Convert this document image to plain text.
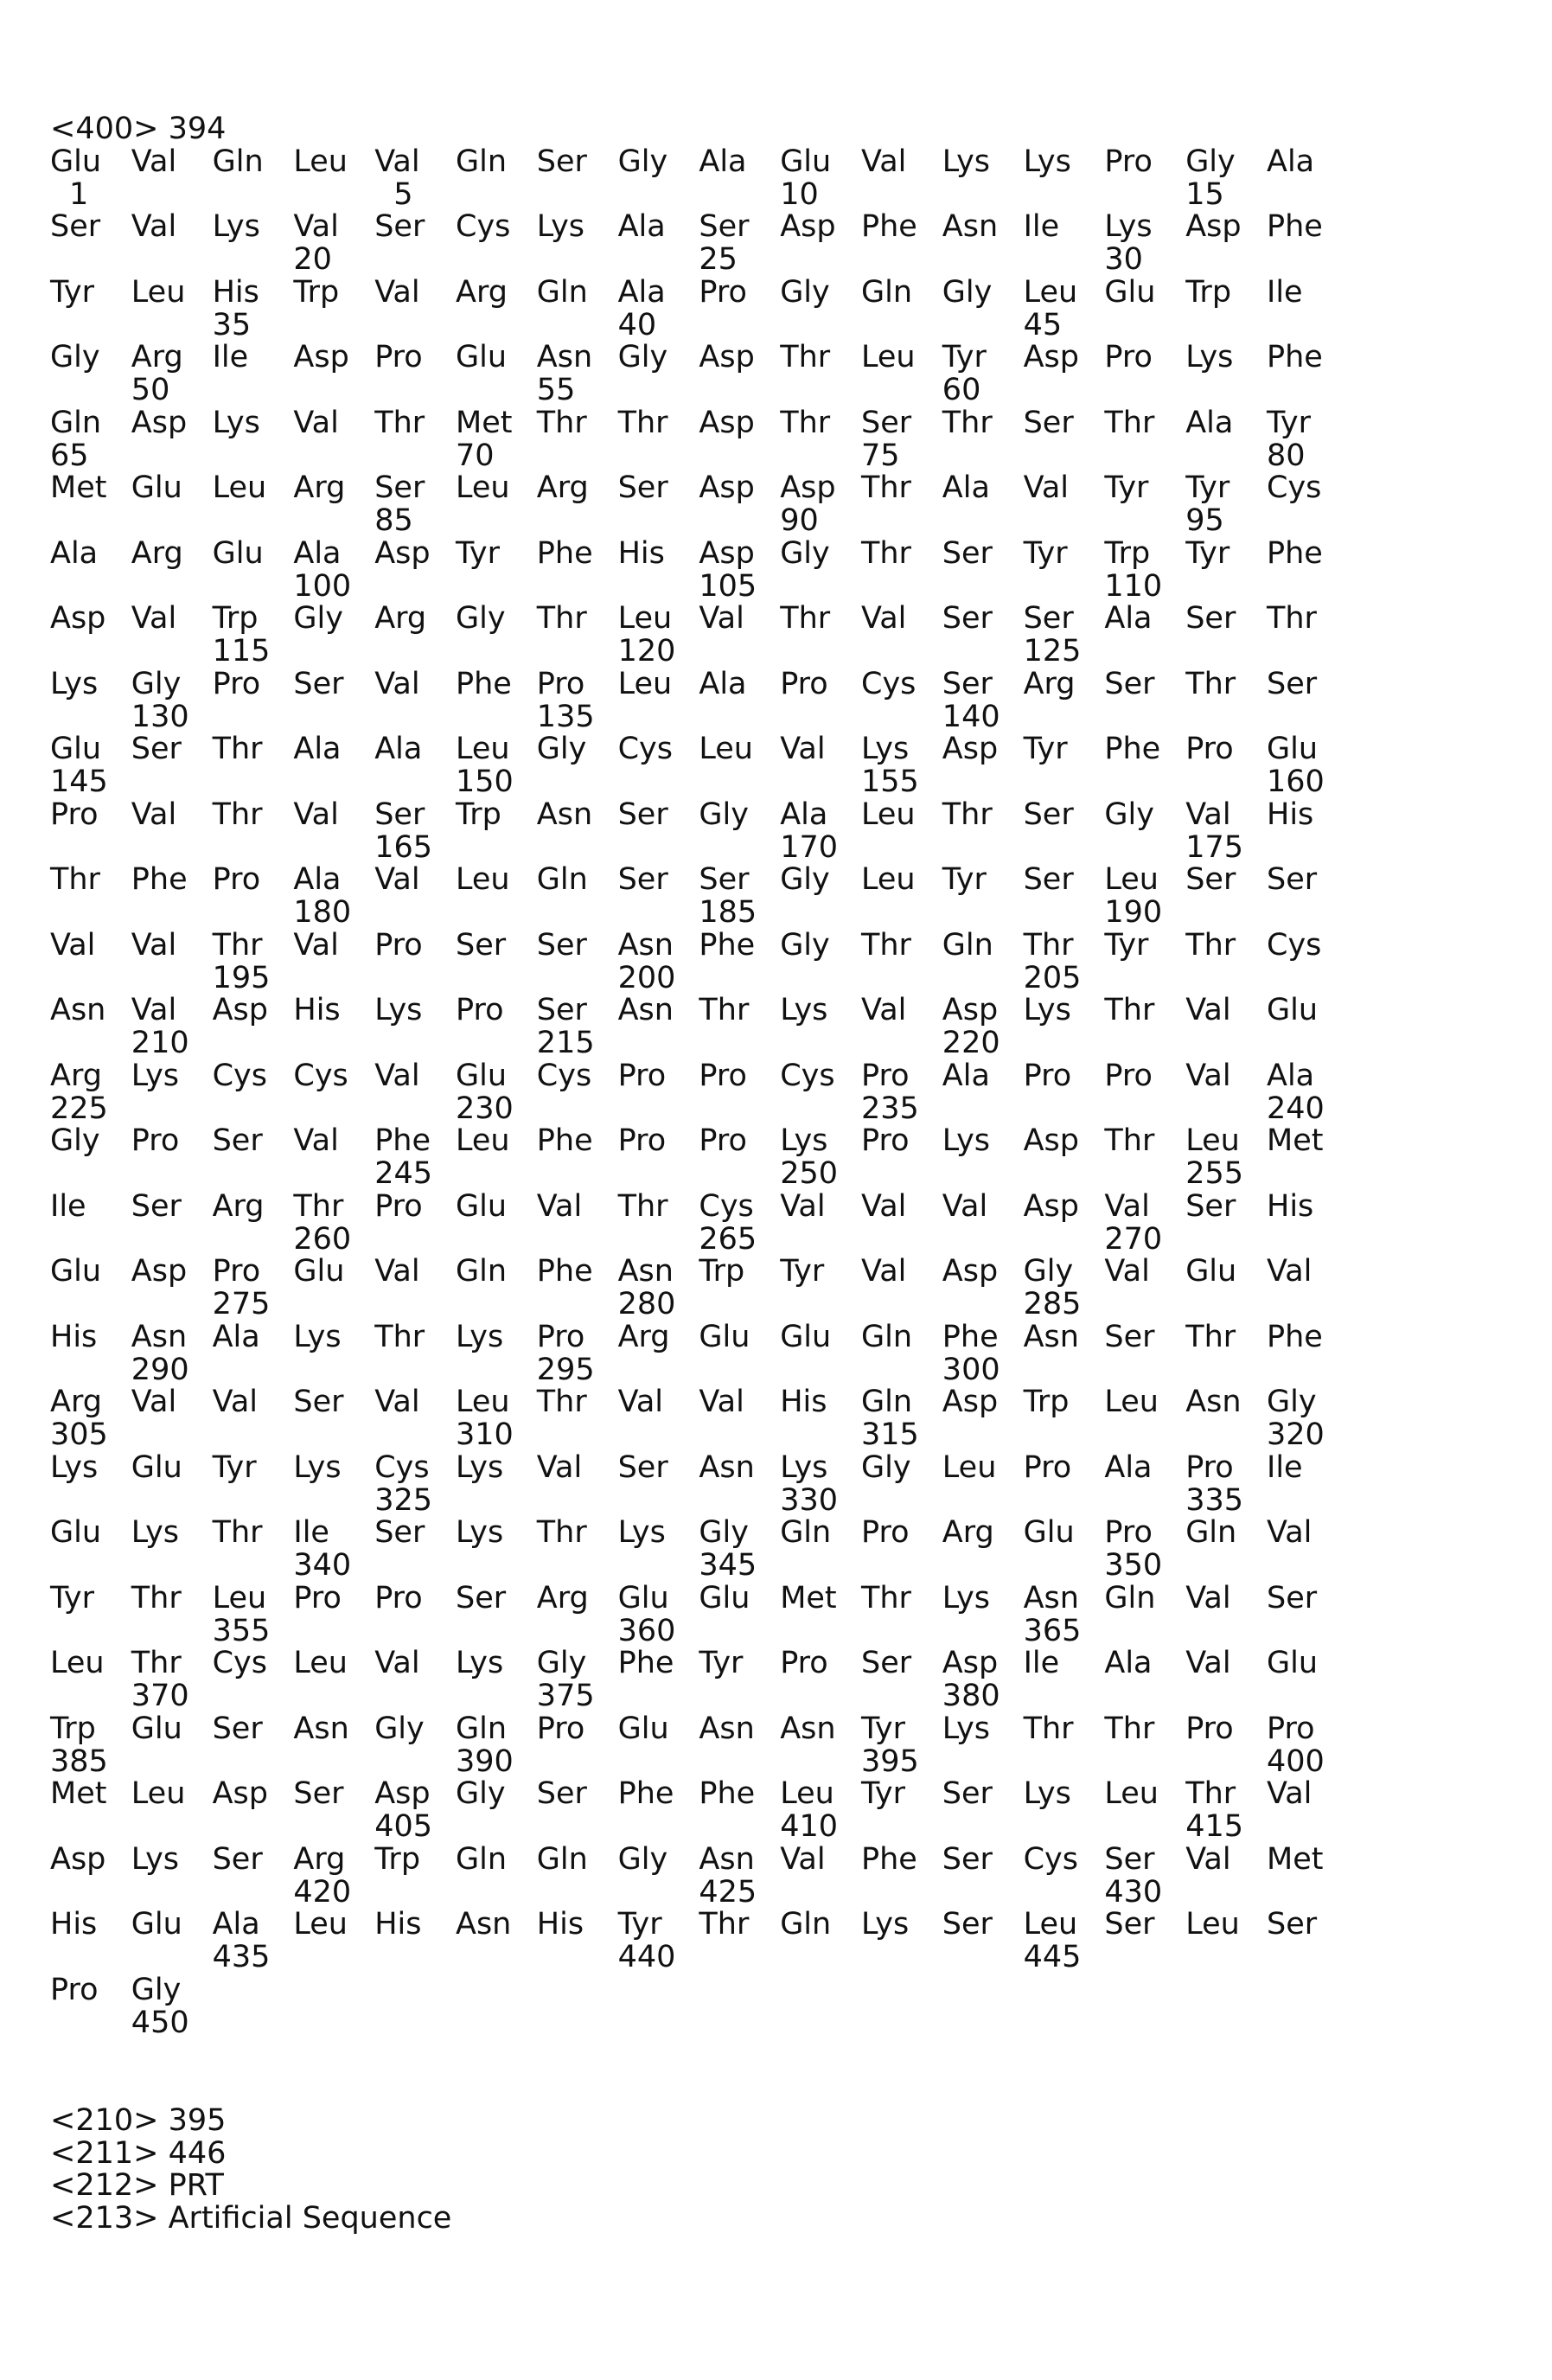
<400> 394
Glu Val Gln Leu Val Gln Ser Gly Ala Glu Val Lys Lys Pro Gly Ala
1	5	10	15
Ser Val Lys Val Ser Cys Lys Ala Ser Asp Phe Asn Ile Lys Asp Phe
20	25	30
Tyr Leu His Trp Val Arg Gln Ala Pro Gly Gln Gly Leu Glu Trp Ile
35	40	45
Gly Arg Ile Asp Pro Glu Asn Gly Asp Thr Leu Tyr Asp Pro Lys Phe
50	55	60
Gln Asp Lys Val Thr Met Thr Thr Asp Thr Ser Thr Ser Thr Ala Tyr
65	70	75	80
Met Glu Leu Arg Ser Leu Arg Ser Asp Asp Thr Ala Val Tyr Tyr Cys
85	90	95
Ala Arg Glu Ala Asp Tyr Phe His Asp Gly Thr Ser Tyr Trp Tyr Phe
100	105	110
Asp Val Trp Gly Arg Gly Thr Leu Val Thr Val Ser Ser Ala Ser Thr
115	120	125
Lys Gly Pro Ser Val Phe Pro Leu Ala Pro Cys Ser Arg Ser Thr Ser
130	135	140
Glu Ser Thr Ala Ala Leu Gly Cys Leu Val Lys Asp Tyr Phe Pro Glu
145	150	155	160
Pro Val Thr Val Ser Trp Asn Ser Gly Ala Leu Thr Ser Gly Val His
165	170	175
Thr Phe Pro Ala Val Leu Gln Ser Ser Gly Leu Tyr Ser Leu Ser Ser
180	185	190
Val Val Thr Val Pro Ser Ser Asn Phe Gly Thr Gln Thr Tyr Thr Cys
195	200	205
Asn Val Asp His Lys Pro Ser Asn Thr Lys Val Asp Lys Thr Val Glu
210	215	220
Arg Lys Cys Cys Val Glu Cys Pro Pro Cys Pro Ala Pro Pro Val Ala
225	230	235	240
Gly Pro Ser Val Phe Leu Phe Pro Pro Lys Pro Lys Asp Thr Leu Met
245	250	255
Ile Ser Arg Thr Pro Glu Val Thr Cys Val Val Val Asp Val Ser His
260	265	270
Glu Asp Pro Glu Val Gln Phe Asn Trp Tyr Val Asp Gly Val Glu Val
275	280	285
His Asn Ala Lys Thr Lys Pro Arg Glu Glu Gln Phe Asn Ser Thr Phe
290	295	300
Arg Val Val Ser Val Leu Thr Val Val His Gln Asp Trp Leu Asn Gly
305	310	315	320
Lys Glu Tyr Lys Cys Lys Val Ser Asn Lys Gly Leu Pro Ala Pro Ile
325	330	335
Glu Lys Thr Ile Ser Lys Thr Lys Gly Gln Pro Arg Glu Pro Gln Val
340	345	350
Tyr Thr Leu Pro Pro Ser Arg Glu Glu Met Thr Lys Asn Gln Val Ser
355	360	365
Leu Thr Cys Leu Val Lys Gly Phe Tyr Pro Ser Asp Ile Ala Val Glu
370	375	380
Trp Glu Ser Asn Gly Gln Pro Glu Asn Asn Tyr Lys Thr Thr Pro Pro
385	390	395	400
Met Leu Asp Ser Asp Gly Ser Phe Phe Leu Tyr Ser Lys Leu Thr Val
405	410	415
Asp Lys Ser Arg Trp Gln Gln Gly Asn Val Phe Ser Cys Ser Val Met
420	425	430
His Glu Ala Leu His Asn His Tyr Thr Gln Lys Ser Leu Ser Leu Ser
435	440	445
Pro Gly
450
<210> 395
<211> 446
<212> PRT
<213> Artificial Sequence
